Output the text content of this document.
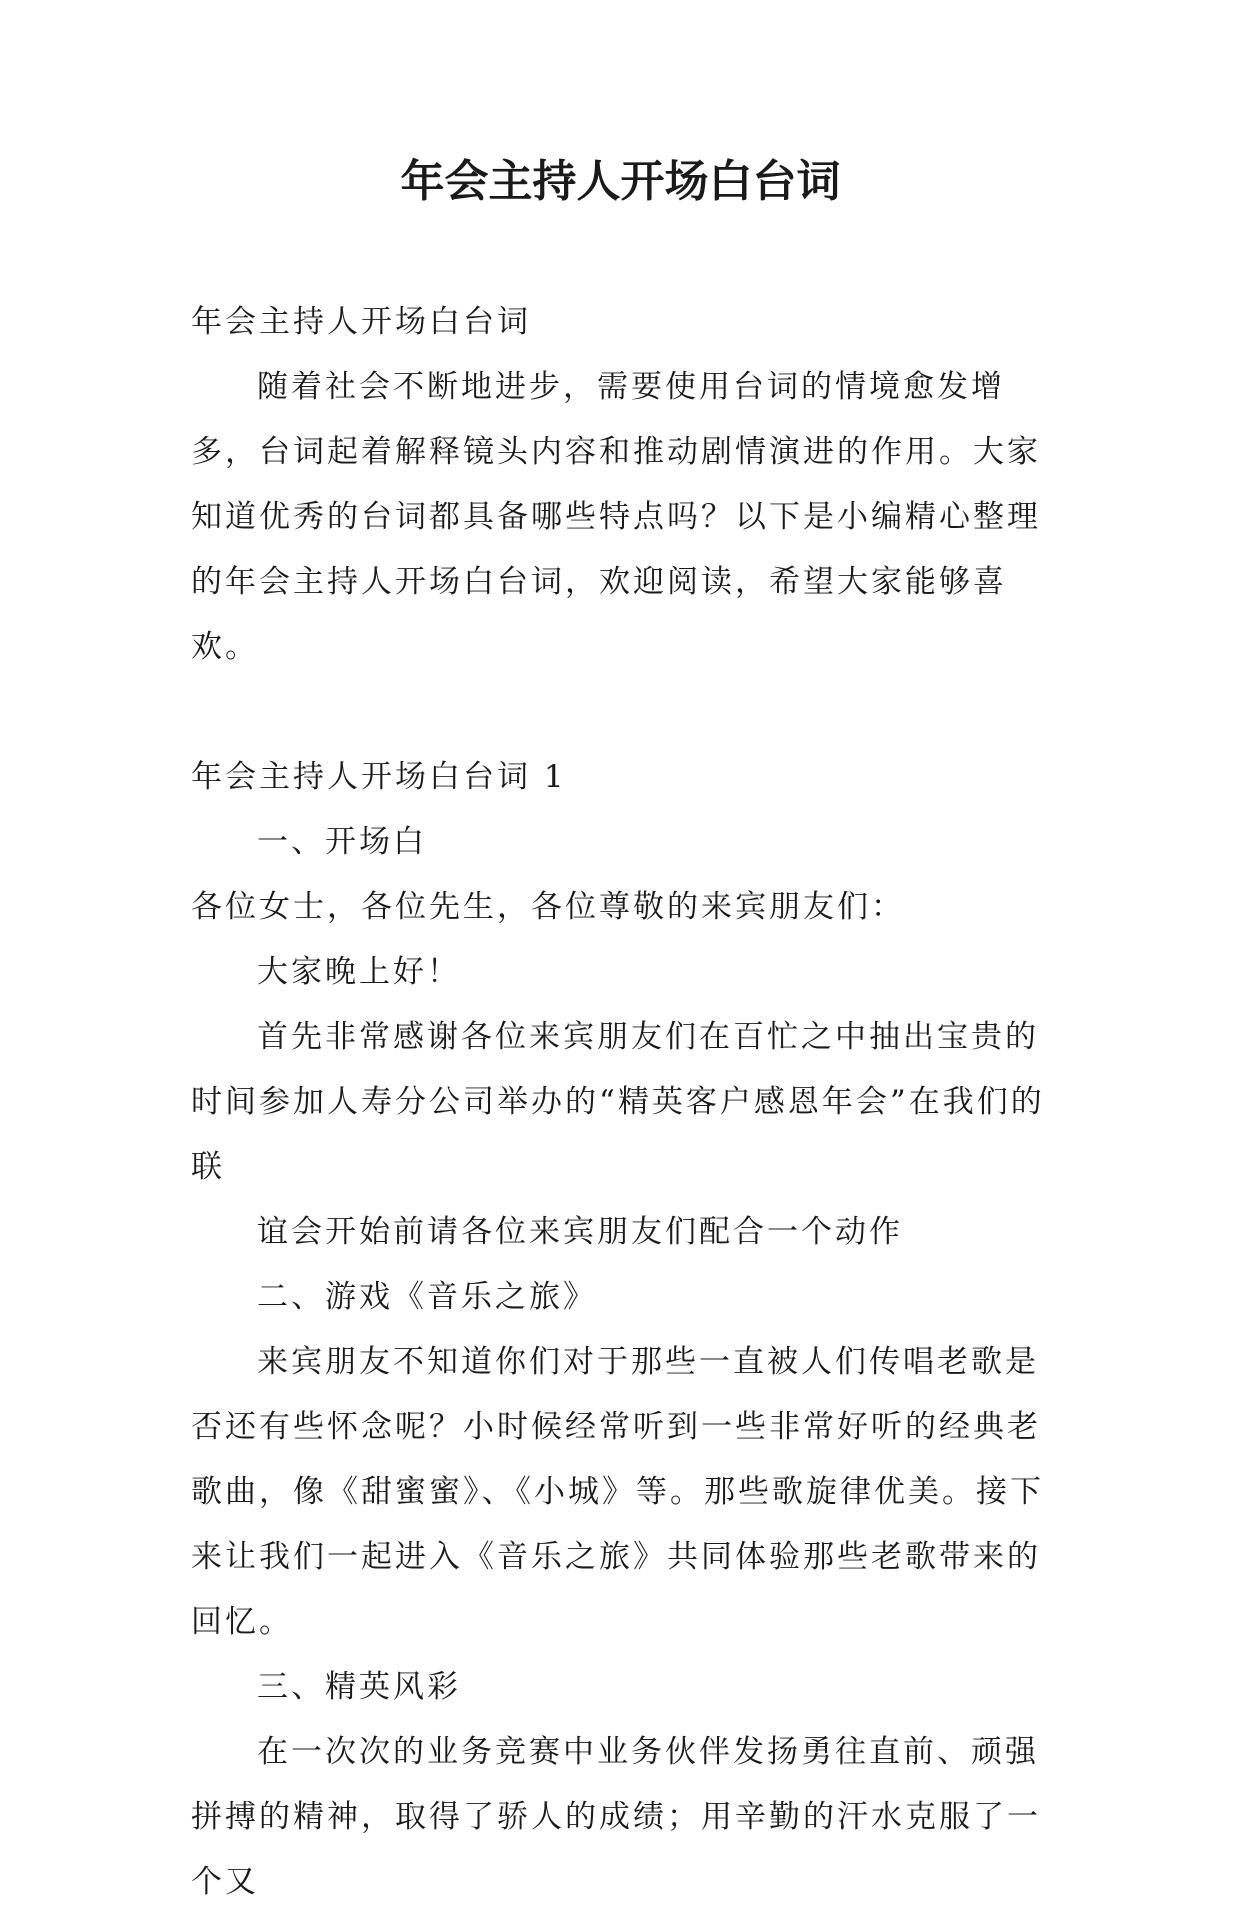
年会主持人开场白台词

年会主持人开场白台词

随着社会不断地进步，需要使用台词的情境愈发增多，台词起着解释镜头内容和推动剧情演进的作用。大家知道优秀的台词都具备哪些特点吗？以下是小编精心整理的年会主持人开场白台词，欢迎阅读，希望大家能够喜欢。

年会主持人开场白台词 1

一、开场白

各位女士，各位先生，各位尊敬的来宾朋友们：

大家晚上好！

首先非常感谢各位来宾朋友们在百忙之中抽出宝贵的时间参加人寿分公司举办的“精英客户感恩年会”在我们的联

谊会开始前请各位来宾朋友们配合一个动作

二、游戏《音乐之旅》

来宾朋友不知道你们对于那些一直被人们传唱老歌是否还有些怀念呢？小时候经常听到一些非常好听的经典老歌曲，像《甜蜜蜜》、《小城》等。那些歌旋律优美。接下来让我们一起进入《音乐之旅》共同体验那些老歌带来的回忆。

三、精英风彩

在一次次的业务竞赛中业务伙伴发扬勇往直前、顽强拼搏的精神，取得了骄人的成绩；用辛勤的汗水克服了一个又
